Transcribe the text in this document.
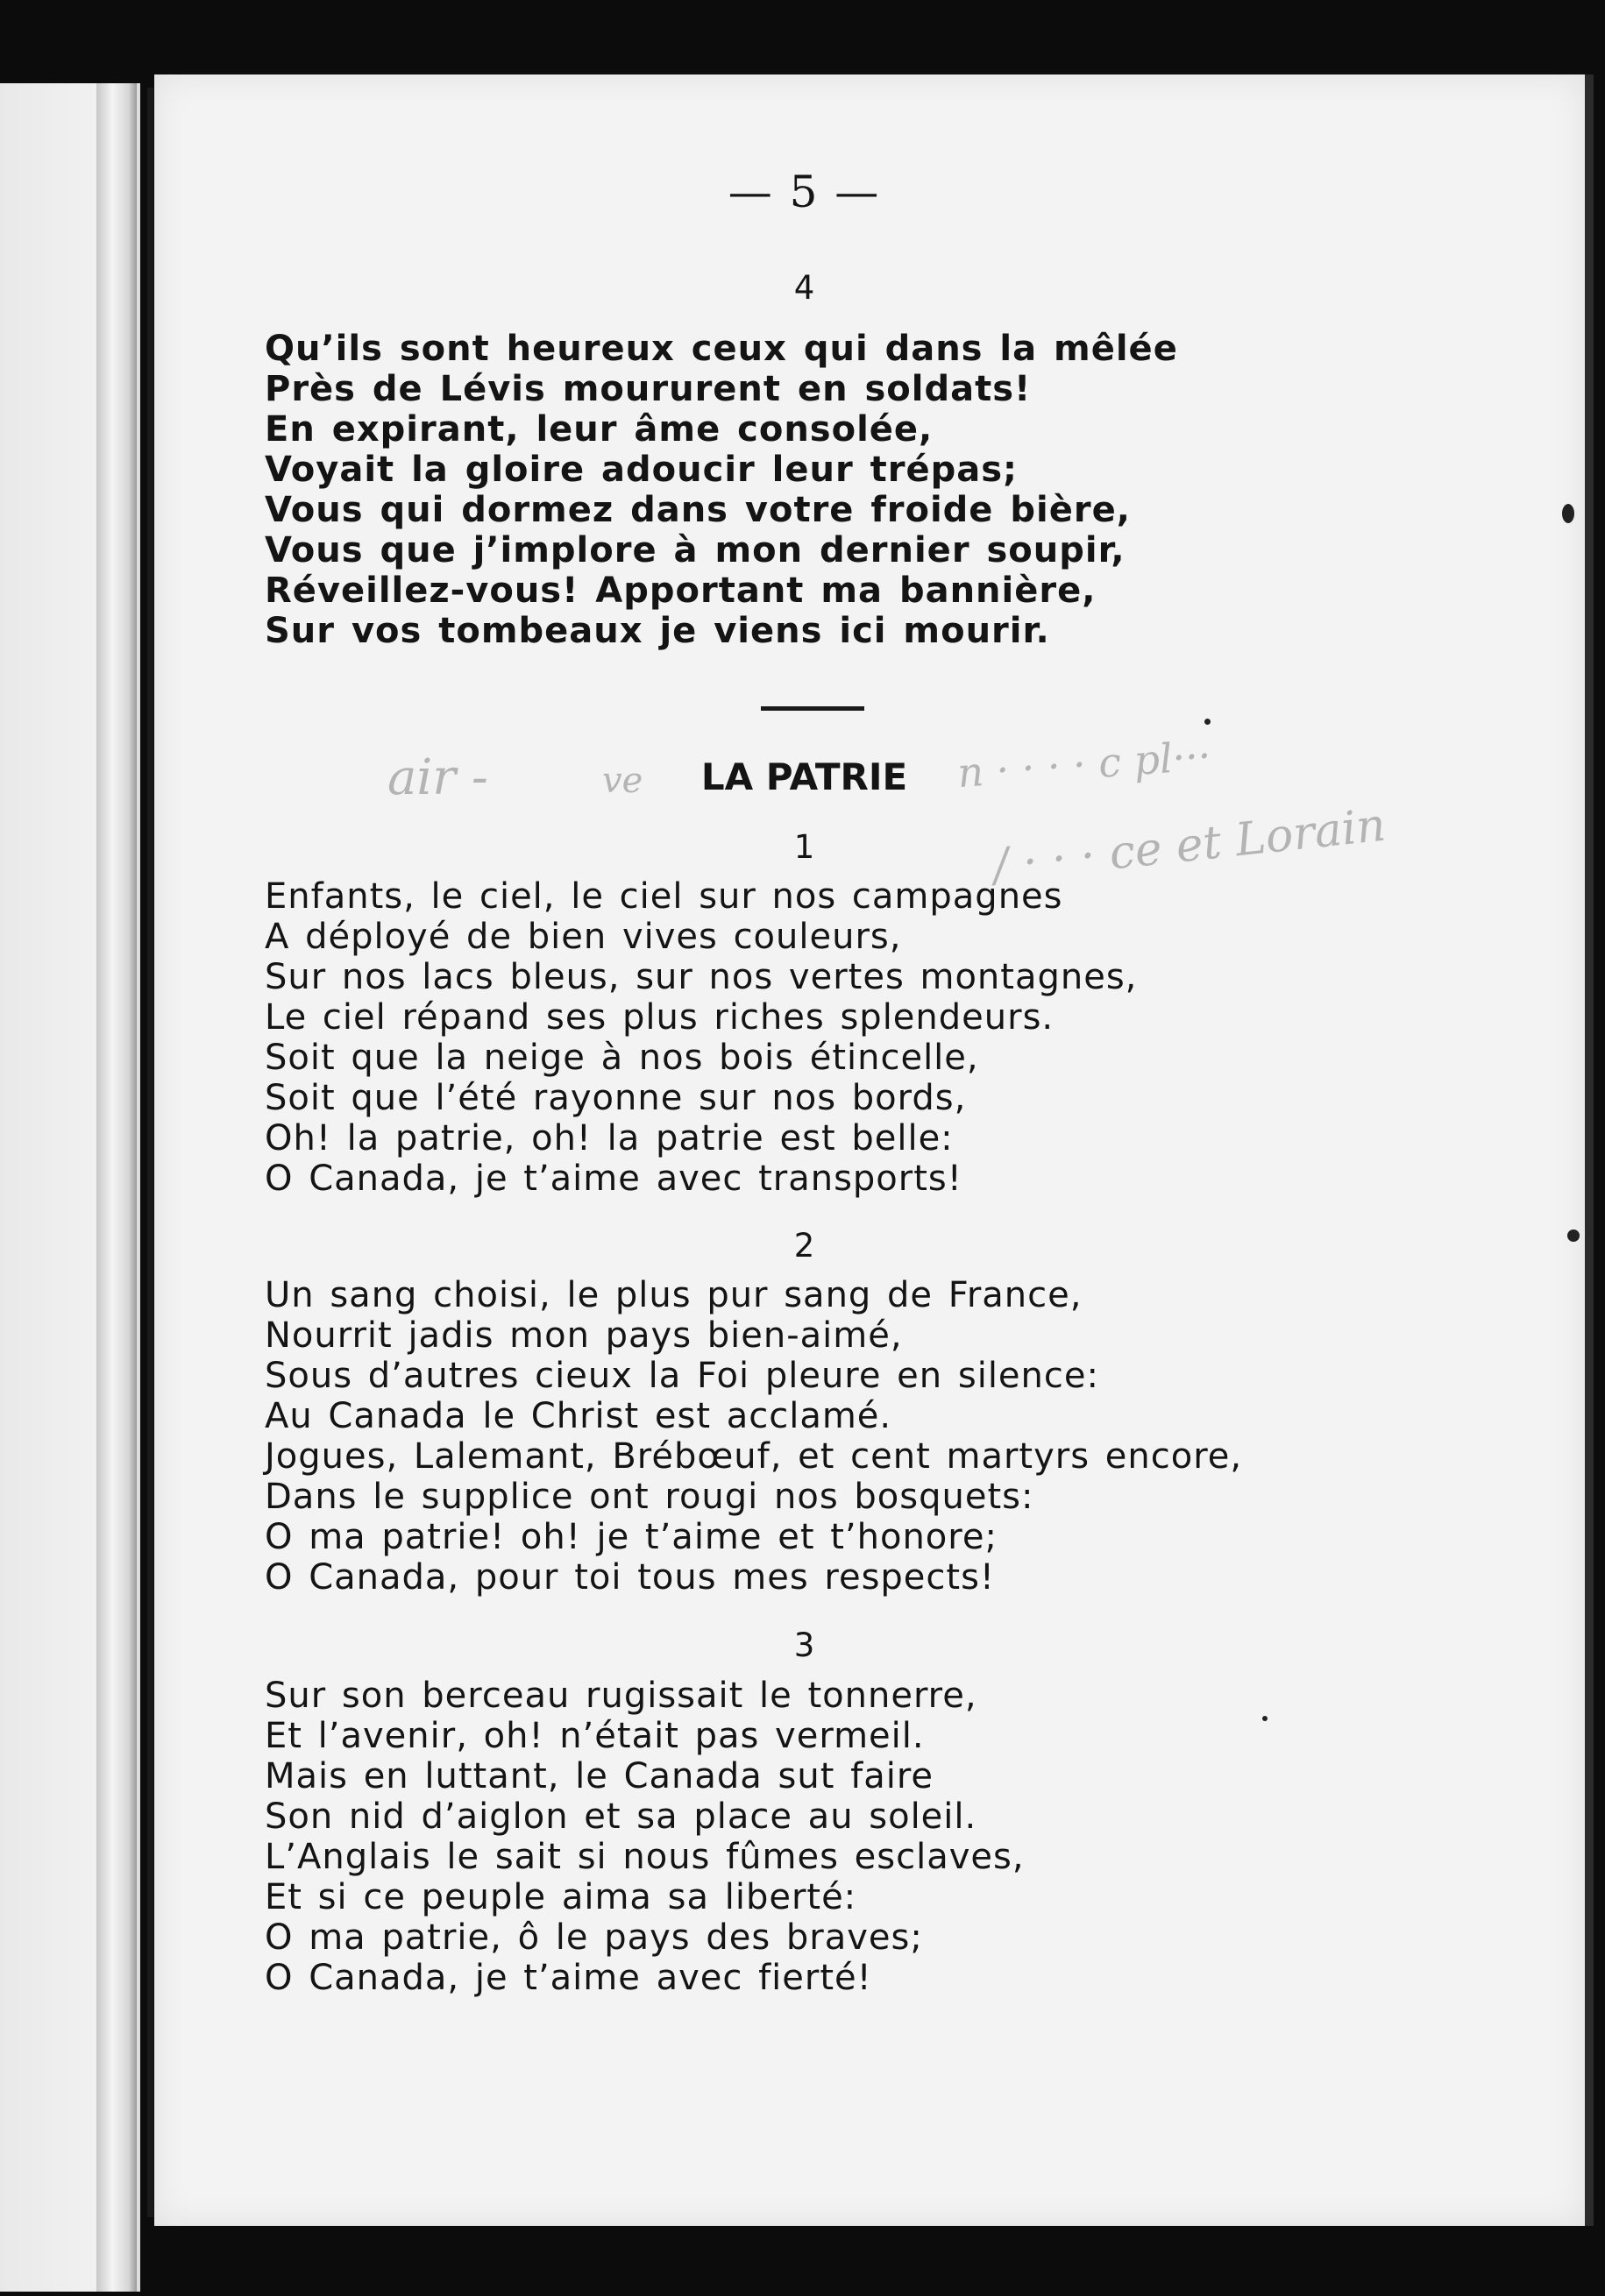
— 5 —
4
Qu’ils sont heureux ceux qui dans la mêlée
Près de Lévis moururent en soldats!
En expirant, leur âme consolée,
Voyait la gloire adoucir leur trépas;
Vous qui dormez dans votre froide bière,
Vous que j’implore à mon dernier soupir,
Réveillez-vous! Apportant ma bannière,
Sur vos tombeaux je viens ici mourir.
LA PATRIE
air -	ve	n · · · · c pl···
/ · · · ce et Lorain
1
Enfants, le ciel, le ciel sur nos campagnes
A déployé de bien vives couleurs,
Sur nos lacs bleus, sur nos vertes montagnes,
Le ciel répand ses plus riches splendeurs.
Soit que la neige à nos bois étincelle,
Soit que l’été rayonne sur nos bords,
Oh! la patrie, oh! la patrie est belle:
O Canada, je t’aime avec transports!
2
Un sang choisi, le plus pur sang de France,
Nourrit jadis mon pays bien-aimé,
Sous d’autres cieux la Foi pleure en silence:
Au Canada le Christ est acclamé.
Jogues, Lalemant, Brébœuf, et cent martyrs encore,
Dans le supplice ont rougi nos bosquets:
O ma patrie! oh! je t’aime et t’honore;
O Canada, pour toi tous mes respects!
3
Sur son berceau rugissait le tonnerre,
Et l’avenir, oh! n’était pas vermeil.
Mais en luttant, le Canada sut faire
Son nid d’aiglon et sa place au soleil.
L’Anglais le sait si nous fûmes esclaves,
Et si ce peuple aima sa liberté:
O ma patrie, ô le pays des braves;
O Canada, je t’aime avec fierté!
